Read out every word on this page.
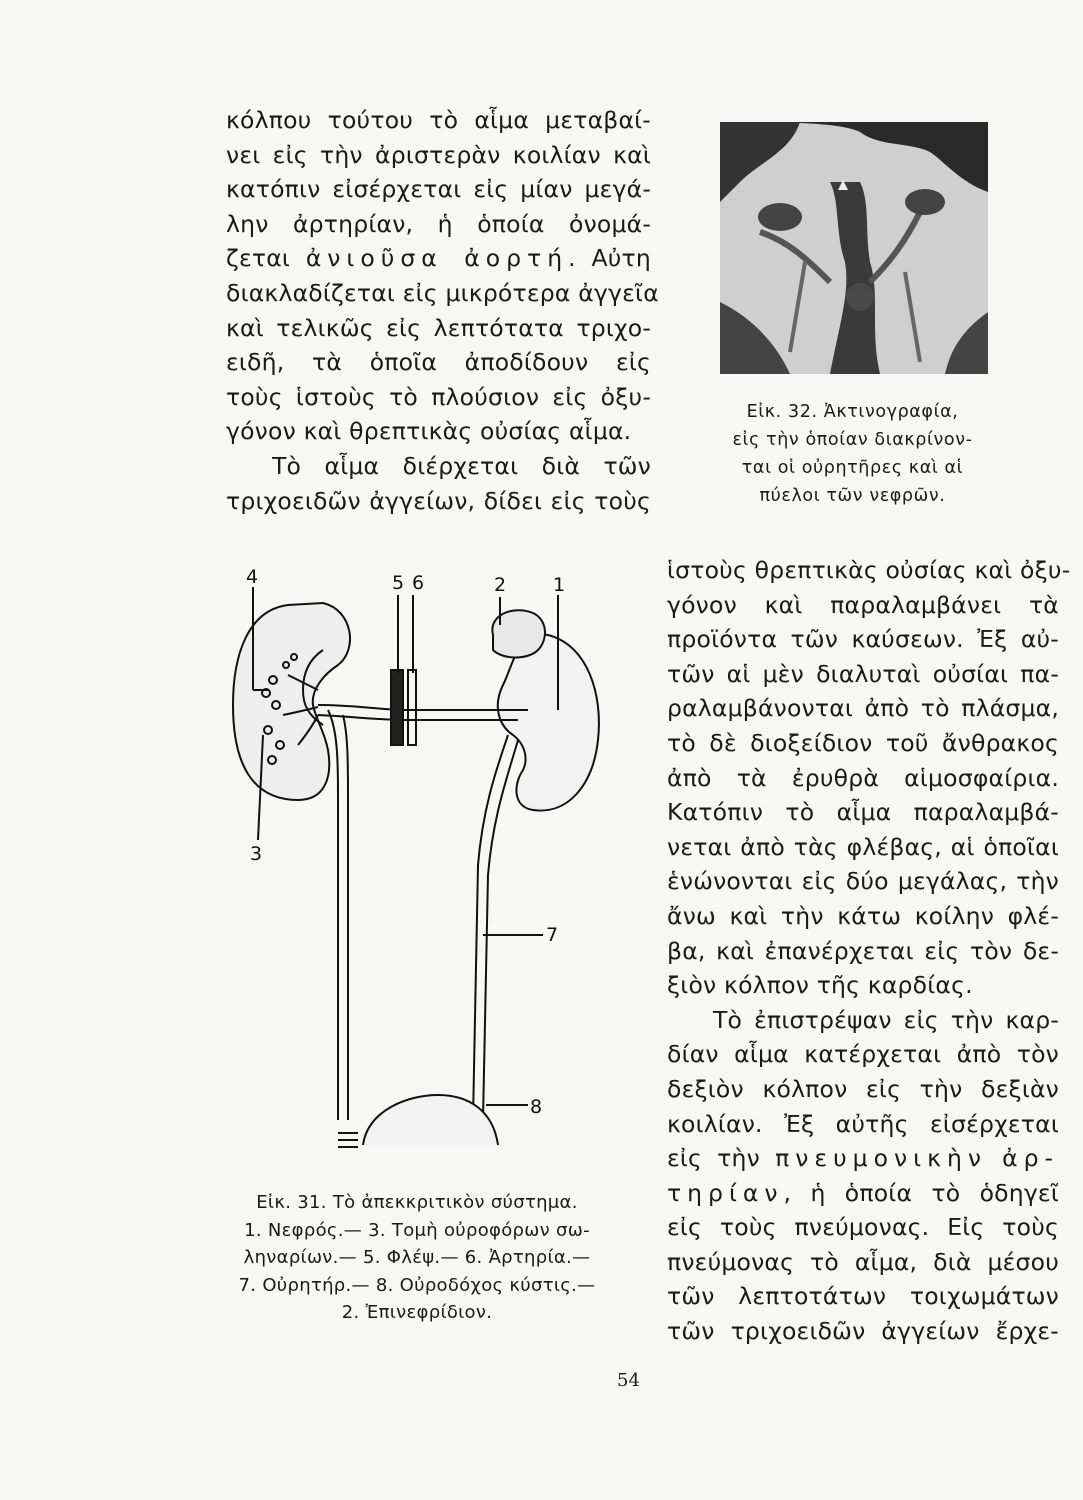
κόλπου τούτου τὸ αἷμα μεταβαί-
νει εἰς τὴν ἀριστερὰν κοιλίαν καὶ
κατόπιν εἰσέρχεται εἰς μίαν μεγά-
λην ἀρτηρίαν, ἡ ὁποία ὀνομά-
ζεται ἀνιοῦσα ἀορτή. Αὐτη
διακλαδίζεται εἰς μικρότερα ἀγγεῖα
καὶ τελικῶς εἰς λεπτότατα τριχο-
ειδῆ, τὰ ὁποῖα ἀποδίδουν εἰς
τοὺς ἱστοὺς τὸ πλούσιον εἰς ὀξυ-
γόνον καὶ θρεπτικὰς οὐσίας αἷμα.
Τὸ αἷμα διέρχεται διὰ τῶν
τριχοειδῶν ἀγγείων, δίδει εἰς τοὺς
Εἰκ. 32. Ἀκτινογραφία,
εἰς τὴν ὁποίαν διακρίνον-
ται οἱ οὐρητῆρες καὶ αἱ
πύελοι τῶν νεφρῶν.
4	5 6	2 1
3
7
8
Εἰκ. 31. Τὸ ἀπεκκριτικὸν σύστημα.
1. Νεφρός.— 3. Τομὴ οὐροφόρων σω-
ληναρίων.— 5. Φλέψ.— 6. Ἀρτηρία.—
7. Οὐρητήρ.— 8. Οὐροδόχος κύστις.—
2. Ἐπινεφρίδιον.
ἱστοὺς θρεπτικὰς οὐσίας καὶ ὀξυ-
γόνον καὶ παραλαμβάνει τὰ
προϊόντα τῶν καύσεων. Ἐξ αὐ-
τῶν αἱ μὲν διαλυταὶ οὐσίαι πα-
ραλαμβάνονται ἀπὸ τὸ πλάσμα,
τὸ δὲ διοξείδιον τοῦ ἄνθρακος
ἀπὸ τὰ ἐρυθρὰ αἱμοσφαίρια.
Κατόπιν τὸ αἷμα παραλαμβά-
νεται ἀπὸ τὰς φλέβας, αἱ ὁποῖαι
ἑνώνονται εἰς δύο μεγάλας, τὴν
ἄνω καὶ τὴν κάτω κοίλην φλέ-
βα, καὶ ἐπανέρχεται εἰς τὸν δε-
ξιὸν κόλπον τῆς καρδίας.
Τὸ ἐπιστρέψαν εἰς τὴν καρ-
δίαν αἷμα κατέρχεται ἀπὸ τὸν
δεξιὸν κόλπον εἰς τὴν δεξιὰν
κοιλίαν. Ἐξ αὐτῆς εἰσέρχεται
εἰς τὴν πνευμονικὴν ἀρ-
τηρίαν, ἡ ὁποία τὸ ὁδηγεῖ
εἰς τοὺς πνεύμονας. Εἰς τοὺς
πνεύμονας τὸ αἷμα, διὰ μέσου
τῶν λεπτοτάτων τοιχωμάτων
τῶν τριχοειδῶν ἀγγείων ἔρχε-
54
